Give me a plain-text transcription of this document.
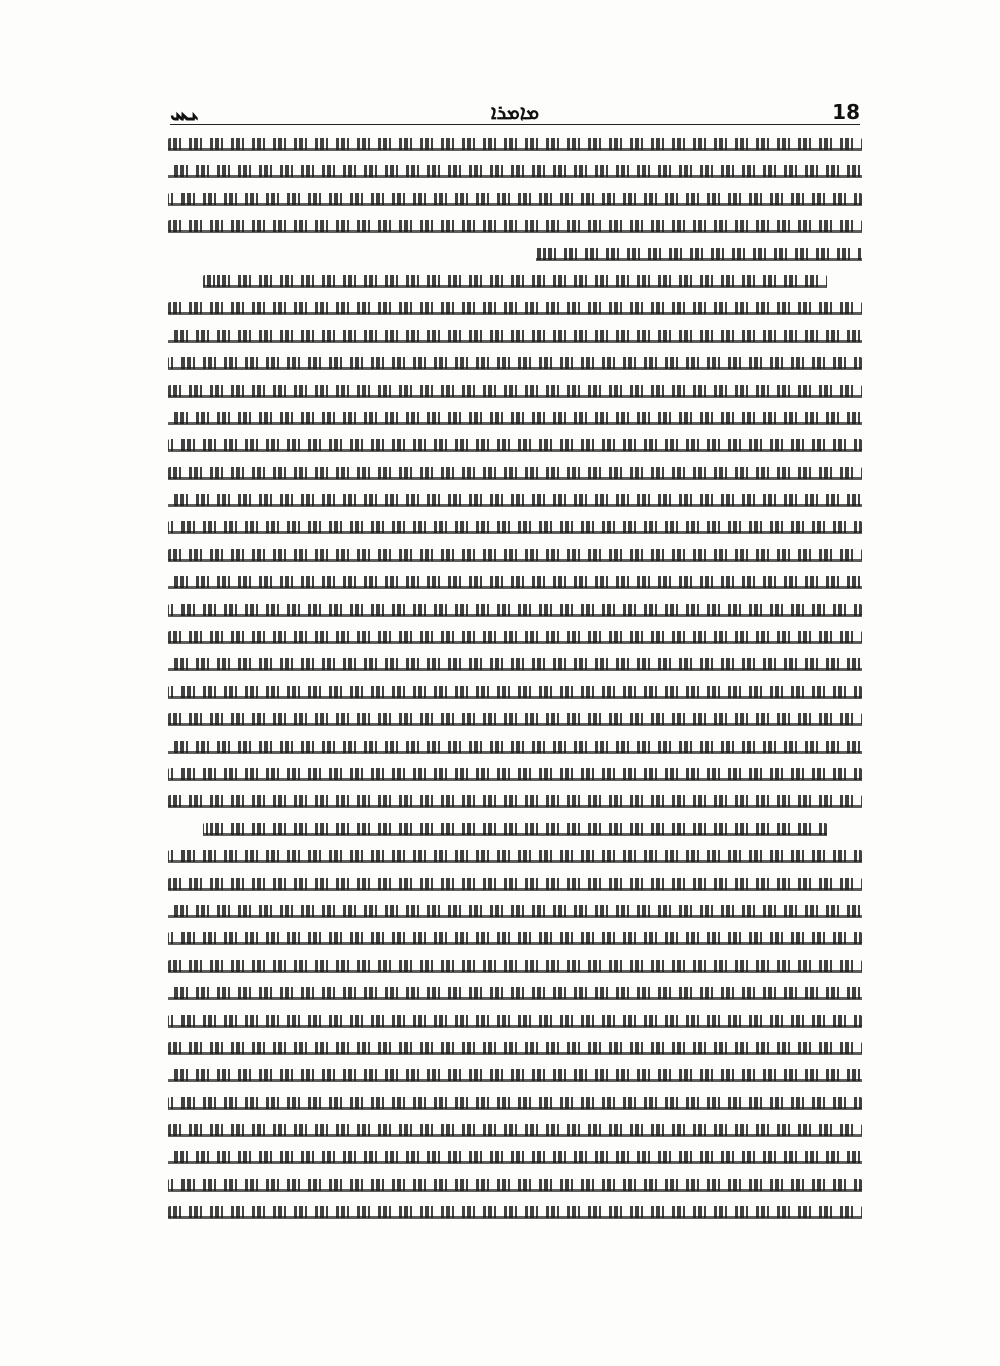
ܝܚ	ܡܐܡܪܐ	18
